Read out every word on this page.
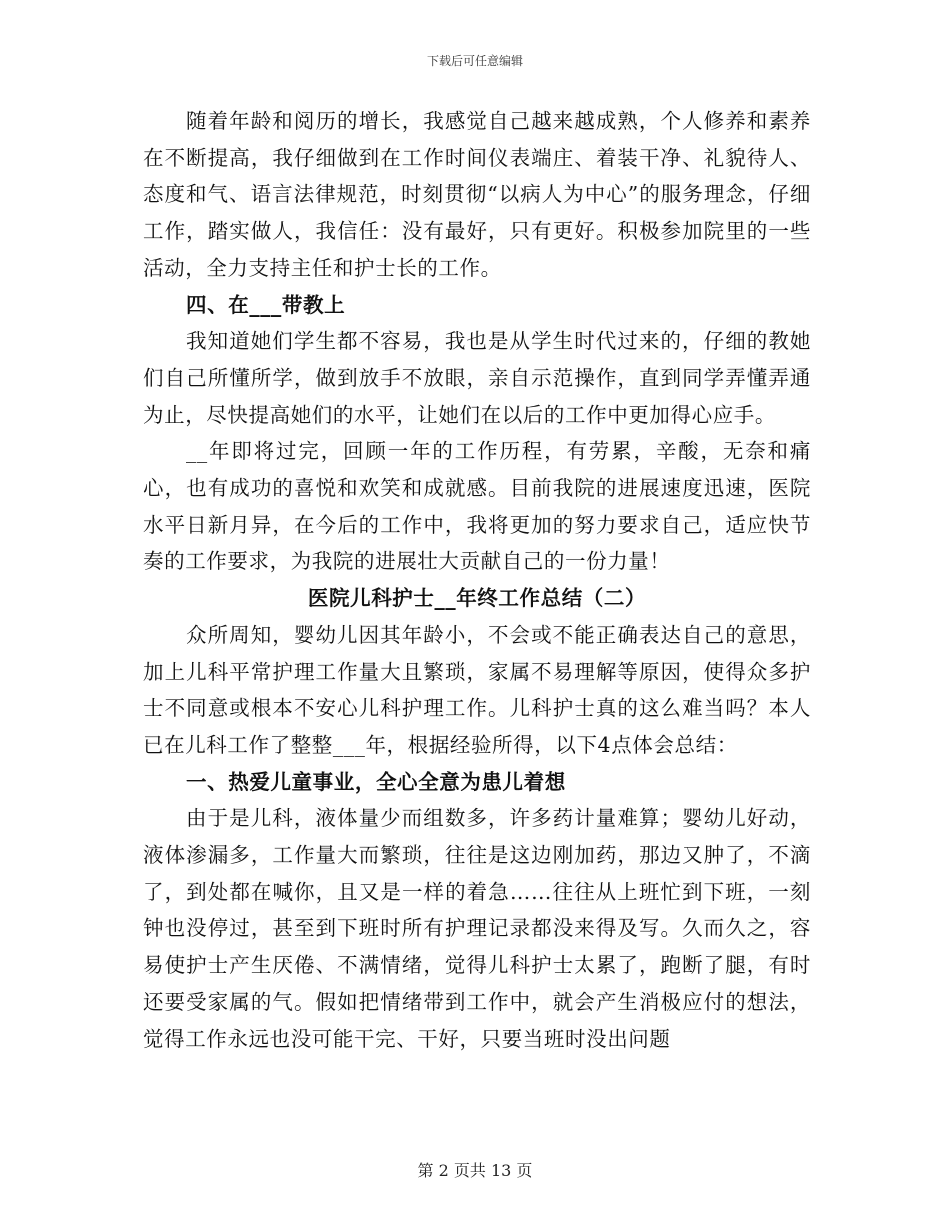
下载后可任意编辑

随着年龄和阅历的增长，我感觉自己越来越成熟，个人修养和素养在不断提高，我仔细做到在工作时间仪表端庄、着装干净、礼貌待人、态度和气、语言法律规范，时刻贯彻“以病人为中心”的服务理念，仔细工作，踏实做人，我信任：没有最好，只有更好。积极参加院里的一些活动，全力支持主任和护士长的工作。

四、在___带教上

我知道她们学生都不容易，我也是从学生时代过来的，仔细的教她们自己所懂所学，做到放手不放眼，亲自示范操作，直到同学弄懂弄通为止，尽快提高她们的水平，让她们在以后的工作中更加得心应手。

__年即将过完，回顾一年的工作历程，有劳累，辛酸，无奈和痛心，也有成功的喜悦和欢笑和成就感。目前我院的进展速度迅速，医院水平日新月异，在今后的工作中，我将更加的努力要求自己，适应快节奏的工作要求，为我院的进展壮大贡献自己的一份力量！

医院儿科护士__年终工作总结（二）

众所周知，婴幼儿因其年龄小，不会或不能正确表达自己的意思，加上儿科平常护理工作量大且繁琐，家属不易理解等原因，使得众多护士不同意或根本不安心儿科护理工作。儿科护士真的这么难当吗？本人已在儿科工作了整整___年，根据经验所得，以下4点体会总结：

一、热爱儿童事业，全心全意为患儿着想

由于是儿科，液体量少而组数多，许多药计量难算；婴幼儿好动，液体渗漏多，工作量大而繁琐，往往是这边刚加药，那边又肿了，不滴了，到处都在喊你，且又是一样的着急……往往从上班忙到下班，一刻钟也没停过，甚至到下班时所有护理记录都没来得及写。久而久之，容易使护士产生厌倦、不满情绪，觉得儿科护士太累了，跑断了腿，有时还要受家属的气。假如把情绪带到工作中，就会产生消极应付的想法，觉得工作永远也没可能干完、干好，只要当班时没出问题

第 2 页共 13 页
